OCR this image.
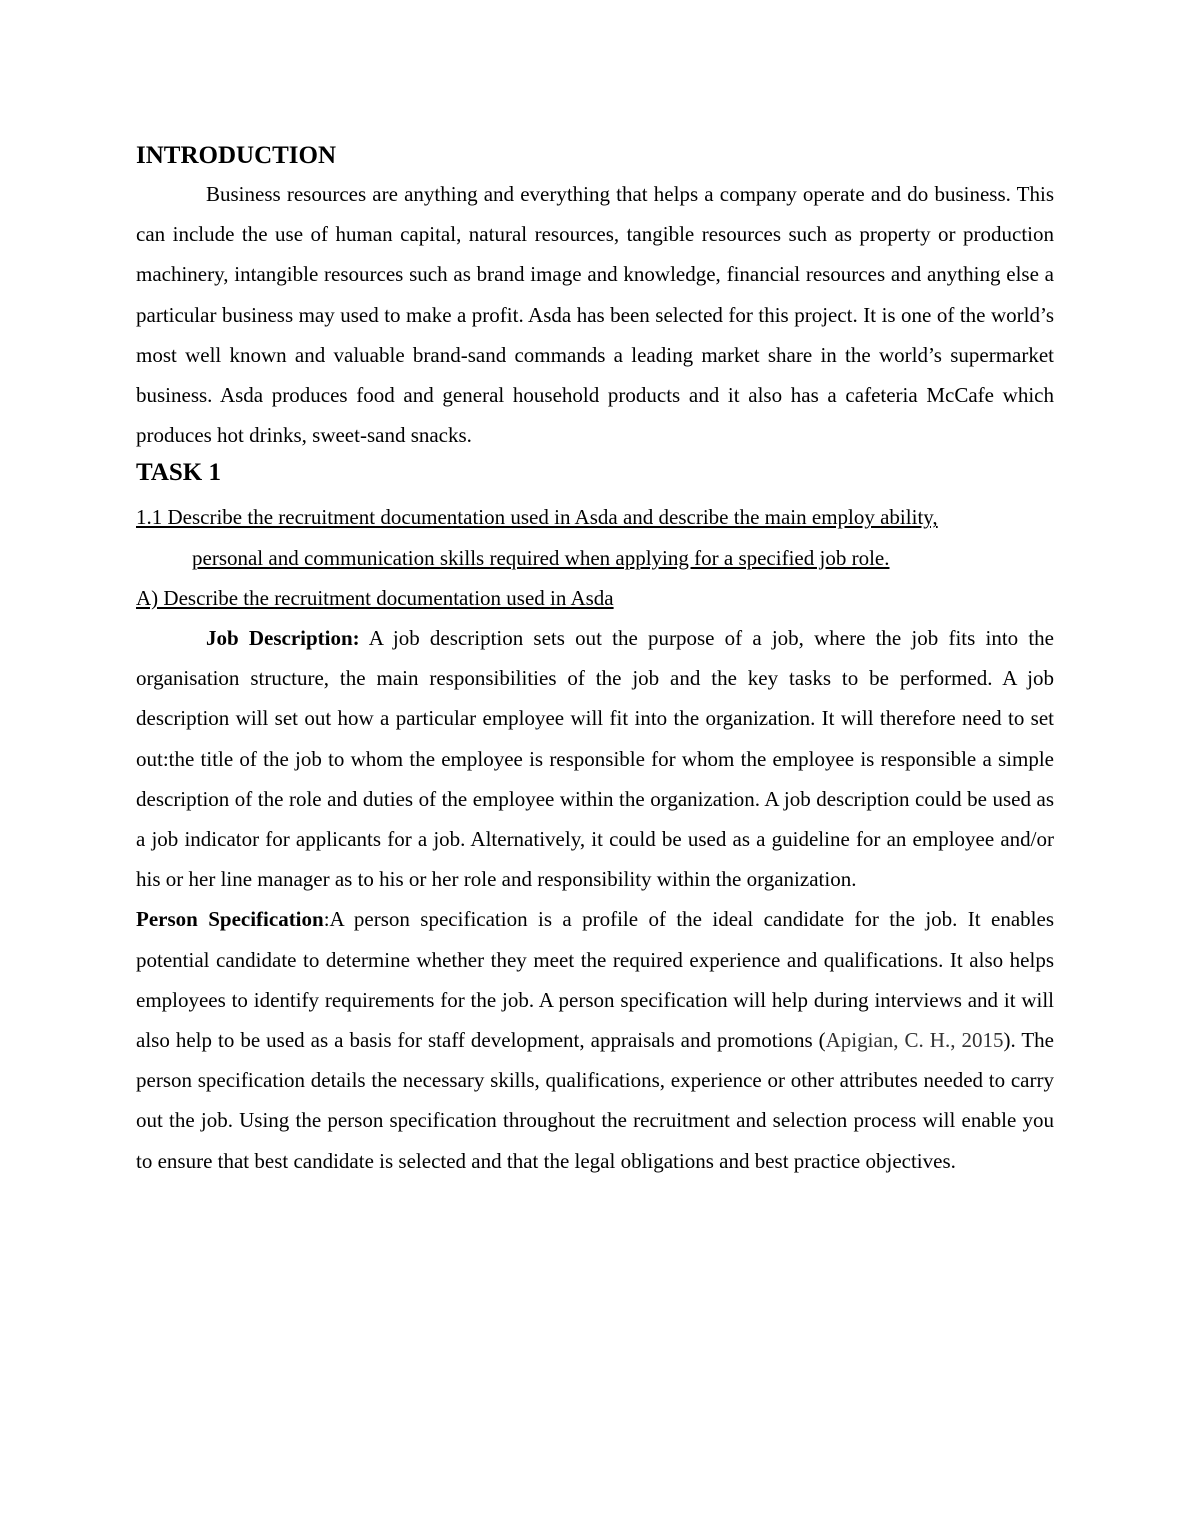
INTRODUCTION

Business resources are anything and everything that helps a company operate and do business. This can include the use of human capital, natural resources, tangible resources such as property or production machinery, intangible resources such as brand image and knowledge, financial resources and anything else a particular business may used to make a profit. Asda has been selected for this project. It is one of the world’s most well known and valuable brand-sand commands a leading market share in the world’s supermarket business. Asda produces food and general household products and it also has a cafeteria McCafe which produces hot drinks, sweet-sand snacks.

TASK 1

1.1 Describe the recruitment documentation used in Asda and describe the main employ ability,
personal and communication skills required when applying for a specified job role.

A) Describe the recruitment documentation used in Asda

Job Description: A job description sets out the purpose of a job, where the job fits into the organisation structure, the main responsibilities of the job and the key tasks to be performed. A job description will set out how a particular employee will fit into the organization. It will therefore need to set out:the title of the job to whom the employee is responsible for whom the employee is responsible a simple description of the role and duties of the employee within the organization. A job description could be used as a job indicator for applicants for a job. Alternatively, it could be used as a guideline for an employee and/or his or her line manager as to his or her role and responsibility within the organization.

Person Specification:A person specification is a profile of the ideal candidate for the job. It enables potential candidate to determine whether they meet the required experience and qualifications. It also helps employees to identify requirements for the job. A person specification will help during interviews and it will also help to be used as a basis for staff development, appraisals and promotions (Apigian, C. H., 2015). The person specification details the necessary skills, qualifications, experience or other attributes needed to carry out the job. Using the person specification throughout the recruitment and selection process will enable you to ensure that best candidate is selected and that the legal obligations and best practice objectives.
